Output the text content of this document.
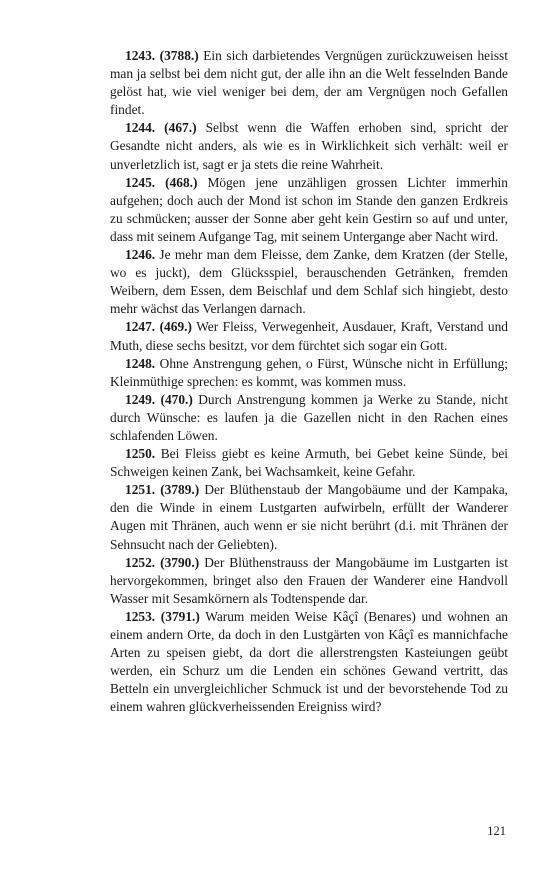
1243. (3788.) Ein sich darbietendes Vergnügen zurückzuweisen heisst man ja selbst bei dem nicht gut, der alle ihn an die Welt fesselnden Bande gelöst hat, wie viel weniger bei dem, der am Vergnügen noch Gefallen findet.

1244. (467.) Selbst wenn die Waffen erhoben sind, spricht der Gesandte nicht anders, als wie es in Wirklichkeit sich verhält: weil er unverletzlich ist, sagt er ja stets die reine Wahrheit.

1245. (468.) Mögen jene unzähligen grossen Lichter immerhin aufgehen; doch auch der Mond ist schon im Stande den ganzen Erdkreis zu schmücken; ausser der Sonne aber geht kein Gestirn so auf und unter, dass mit seinem Aufgange Tag, mit seinem Untergange aber Nacht wird.

1246. Je mehr man dem Fleisse, dem Zanke, dem Kratzen (der Stelle, wo es juckt), dem Glücksspiel, berauschenden Getränken, fremden Weibern, dem Essen, dem Beischlaf und dem Schlaf sich hingiebt, desto mehr wächst das Verlangen darnach.

1247. (469.) Wer Fleiss, Verwegenheit, Ausdauer, Kraft, Verstand und Muth, diese sechs besitzt, vor dem fürchtet sich sogar ein Gott.

1248. Ohne Anstrengung gehen, o Fürst, Wünsche nicht in Erfüllung; Kleinmüthige sprechen: es kommt, was kommen muss.

1249. (470.) Durch Anstrengung kommen ja Werke zu Stande, nicht durch Wünsche: es laufen ja die Gazellen nicht in den Rachen eines schlafenden Löwen.

1250. Bei Fleiss giebt es keine Armuth, bei Gebet keine Sünde, bei Schweigen keinen Zank, bei Wachsamkeit, keine Gefahr.

1251. (3789.) Der Blüthenstaub der Mangobäume und der Kampaka, den die Winde in einem Lustgarten aufwirbeln, erfüllt der Wanderer Augen mit Thränen, auch wenn er sie nicht berührt (d.i. mit Thränen der Sehnsucht nach der Geliebten).

1252. (3790.) Der Blüthenstrauss der Mangobäume im Lustgarten ist hervorgekommen, bringet also den Frauen der Wanderer eine Handvoll Wasser mit Sesamkörnern als Todtenspende dar.

1253. (3791.) Warum meiden Weise Kâçî (Benares) und wohnen an einem andern Orte, da doch in den Lustgärten von Kâçî es mannichfache Arten zu speisen giebt, da dort die allerstrengsten Kasteiungen geübt werden, ein Schurz um die Lenden ein schönes Gewand vertritt, das Betteln ein unvergleichlicher Schmuck ist und der bevorstehende Tod zu einem wahren glückverheissenden Ereigniss wird?

121
